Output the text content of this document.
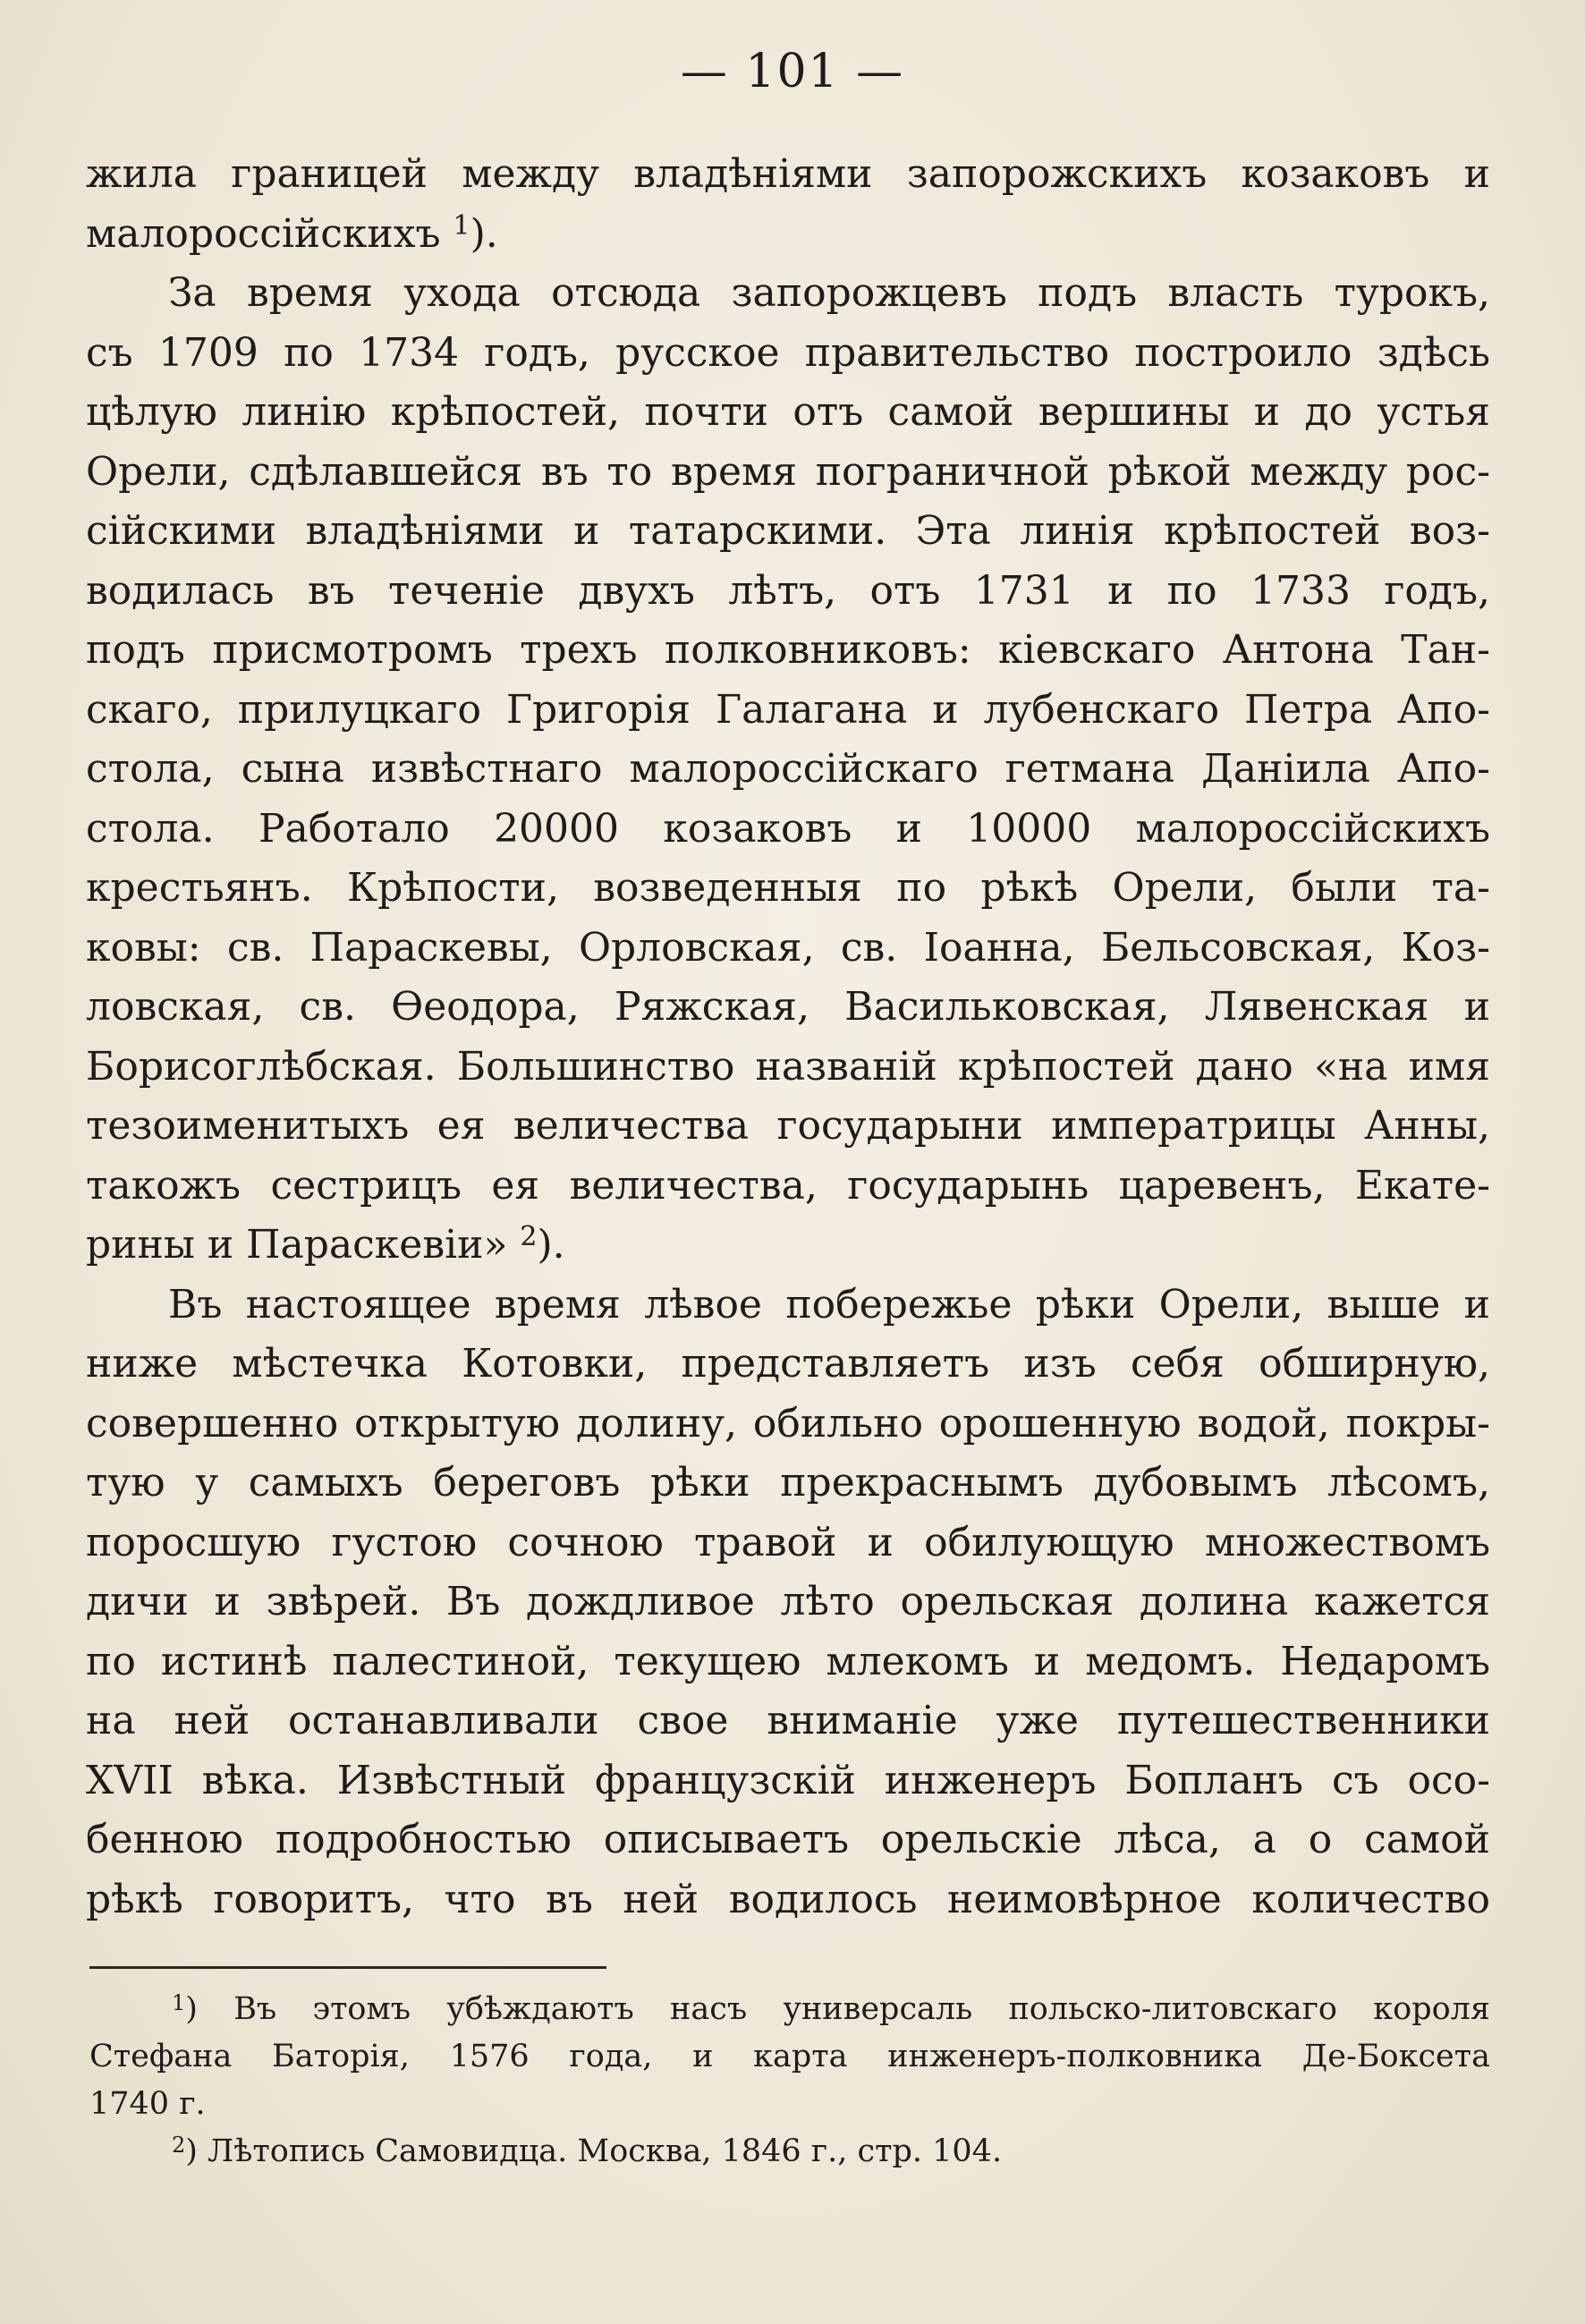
— 101 —
жила границей между владѣніями запорожскихъ козаковъ и
малороссійскихъ $^1$).
За время ухода отсюда запорожцевъ подъ власть турокъ,
съ 1709 по 1734 годъ, русское правительство построило здѣсь
цѣлую линію крѣпостей, почти отъ самой вершины и до устья
Орели, сдѣлавшейся въ то время пограничной рѣкой между рос-
сійскими владѣніями и татарскими. Эта линія крѣпостей воз-
водилась въ теченіе двухъ лѣтъ, отъ 1731 и по 1733 годъ,
подъ присмотромъ трехъ полковниковъ: кіевскаго Антона Тан-
скаго, прилуцкаго Григорія Галагана и лубенскаго Петра Апо-
стола, сына извѣстнаго малороссійскаго гетмана Даніила Апо-
стола. Работало 20000 козаковъ и 10000 малороссійскихъ
крестьянъ. Крѣпости, возведенныя по рѣкѣ Орели, были та-
ковы: св. Параскевы, Орловская, св. Іоанна, Бельсовская, Коз-
ловская, св. Ѳеодора, Ряжская, Васильковская, Лявенская и
Борисоглѣбская. Большинство названій крѣпостей дано «на имя
тезоименитыхъ ея величества государыни императрицы Анны,
такожъ сестрицъ ея величества, государынь царевенъ, Екате-
рины и Параскевіи» $^2$).
Въ настоящее время лѣвое побережье рѣки Орели, выше и
ниже мѣстечка Котовки, представляетъ изъ себя обширную,
совершенно открытую долину, обильно орошенную водой, покры-
тую у самыхъ береговъ рѣки прекраснымъ дубовымъ лѣсомъ,
поросшую густою сочною травой и обилующую множествомъ
дичи и звѣрей. Въ дождливое лѣто орельская долина кажется
по истинѣ палестиной, текущею млекомъ и медомъ. Недаромъ
на ней останавливали свое вниманіе уже путешественники
XVII вѣка. Извѣстный французскій инженеръ Бопланъ съ осо-
бенною подробностью описываетъ орельскіе лѣса, а о самой
рѣкѣ говоритъ, что въ ней водилось неимовѣрное количество
$^1$) Въ этомъ убѣждаютъ насъ универсаль польско-литовскаго короля
Стефана Баторія, 1576 года, и карта инженеръ-полковника Де-Боксета
1740 г.
$^2$) Лѣтопись Самовидца. Москва, 1846 г., стр. 104.
